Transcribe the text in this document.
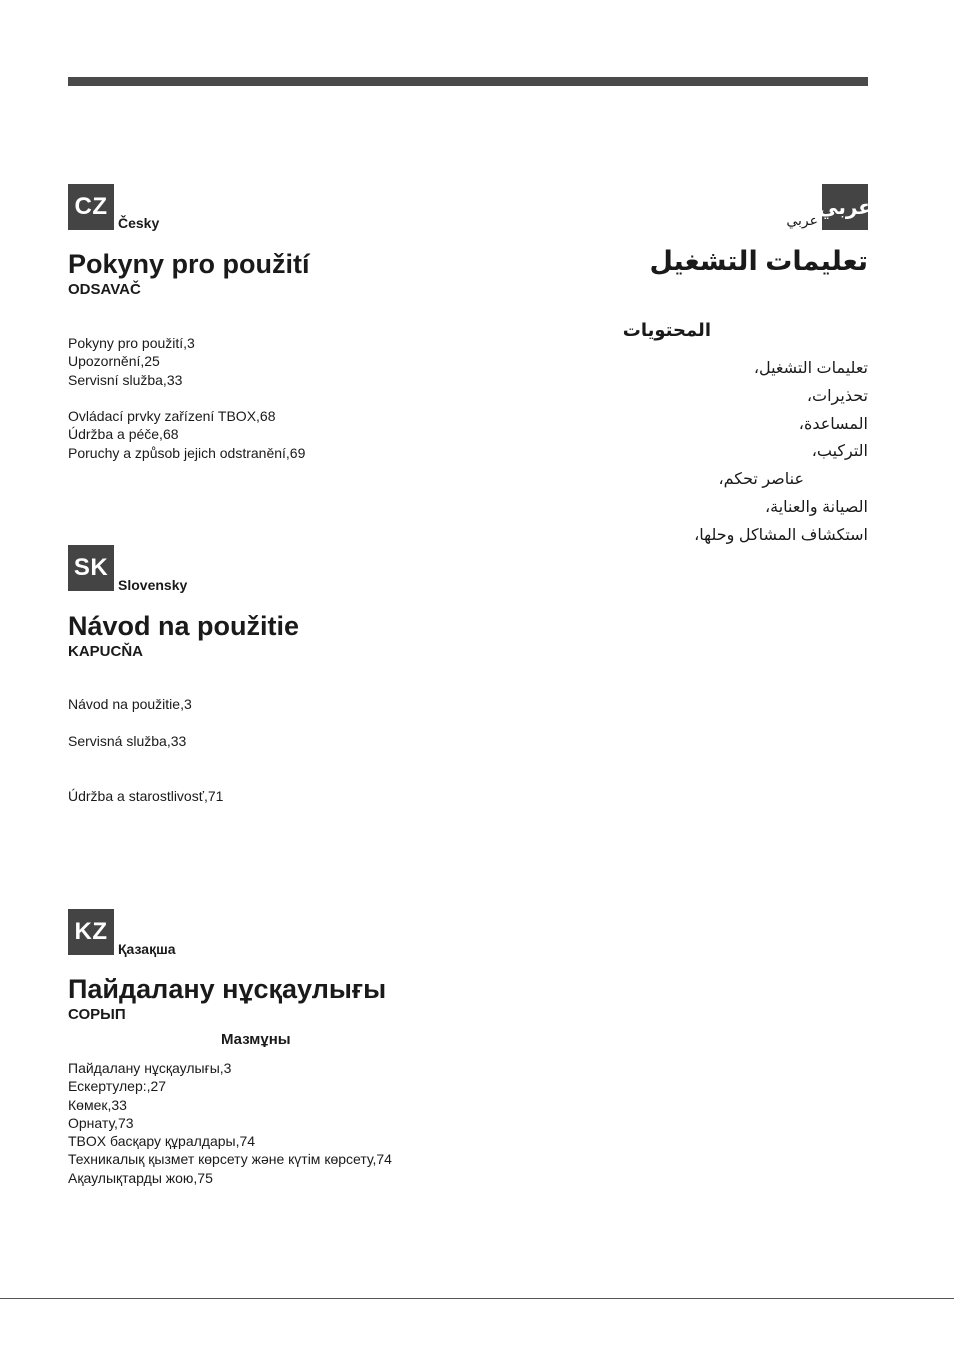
CZ
Česky
Pokyny pro použití
ODSAVAČ
Pokyny pro použití,3
Upozornění,25
Servisní služba,33
Ovládací prvky zařízení TBOX,68
Údržba a péče,68
Poruchy a způsob jejich odstranění,69
عربي
عربي
تعليمات التشغيل
المحتويات
تعليمات التشغيل،
تحذيرات،
المساعدة،
التركيب،
عناصر تحكم،
الصيانة والعناية،
استكشاف المشاكل وحلها،
SK
Slovensky
Návod na použitie
KAPUCŇA
Návod na použitie,3
Servisná služba,33
Údržba a starostlivosť,71
KZ
Қазақша
Пайдалану нұсқаулығы
СОРЫП
Мазмұны
Пайдалану нұсқаулығы,3
Ескертулер:,27
Көмек,33
Орнату,73
TBOX басқару құралдары,74
Техникалық қызмет көрсету және күтім көрсету,74
Ақаулықтарды жою,75
